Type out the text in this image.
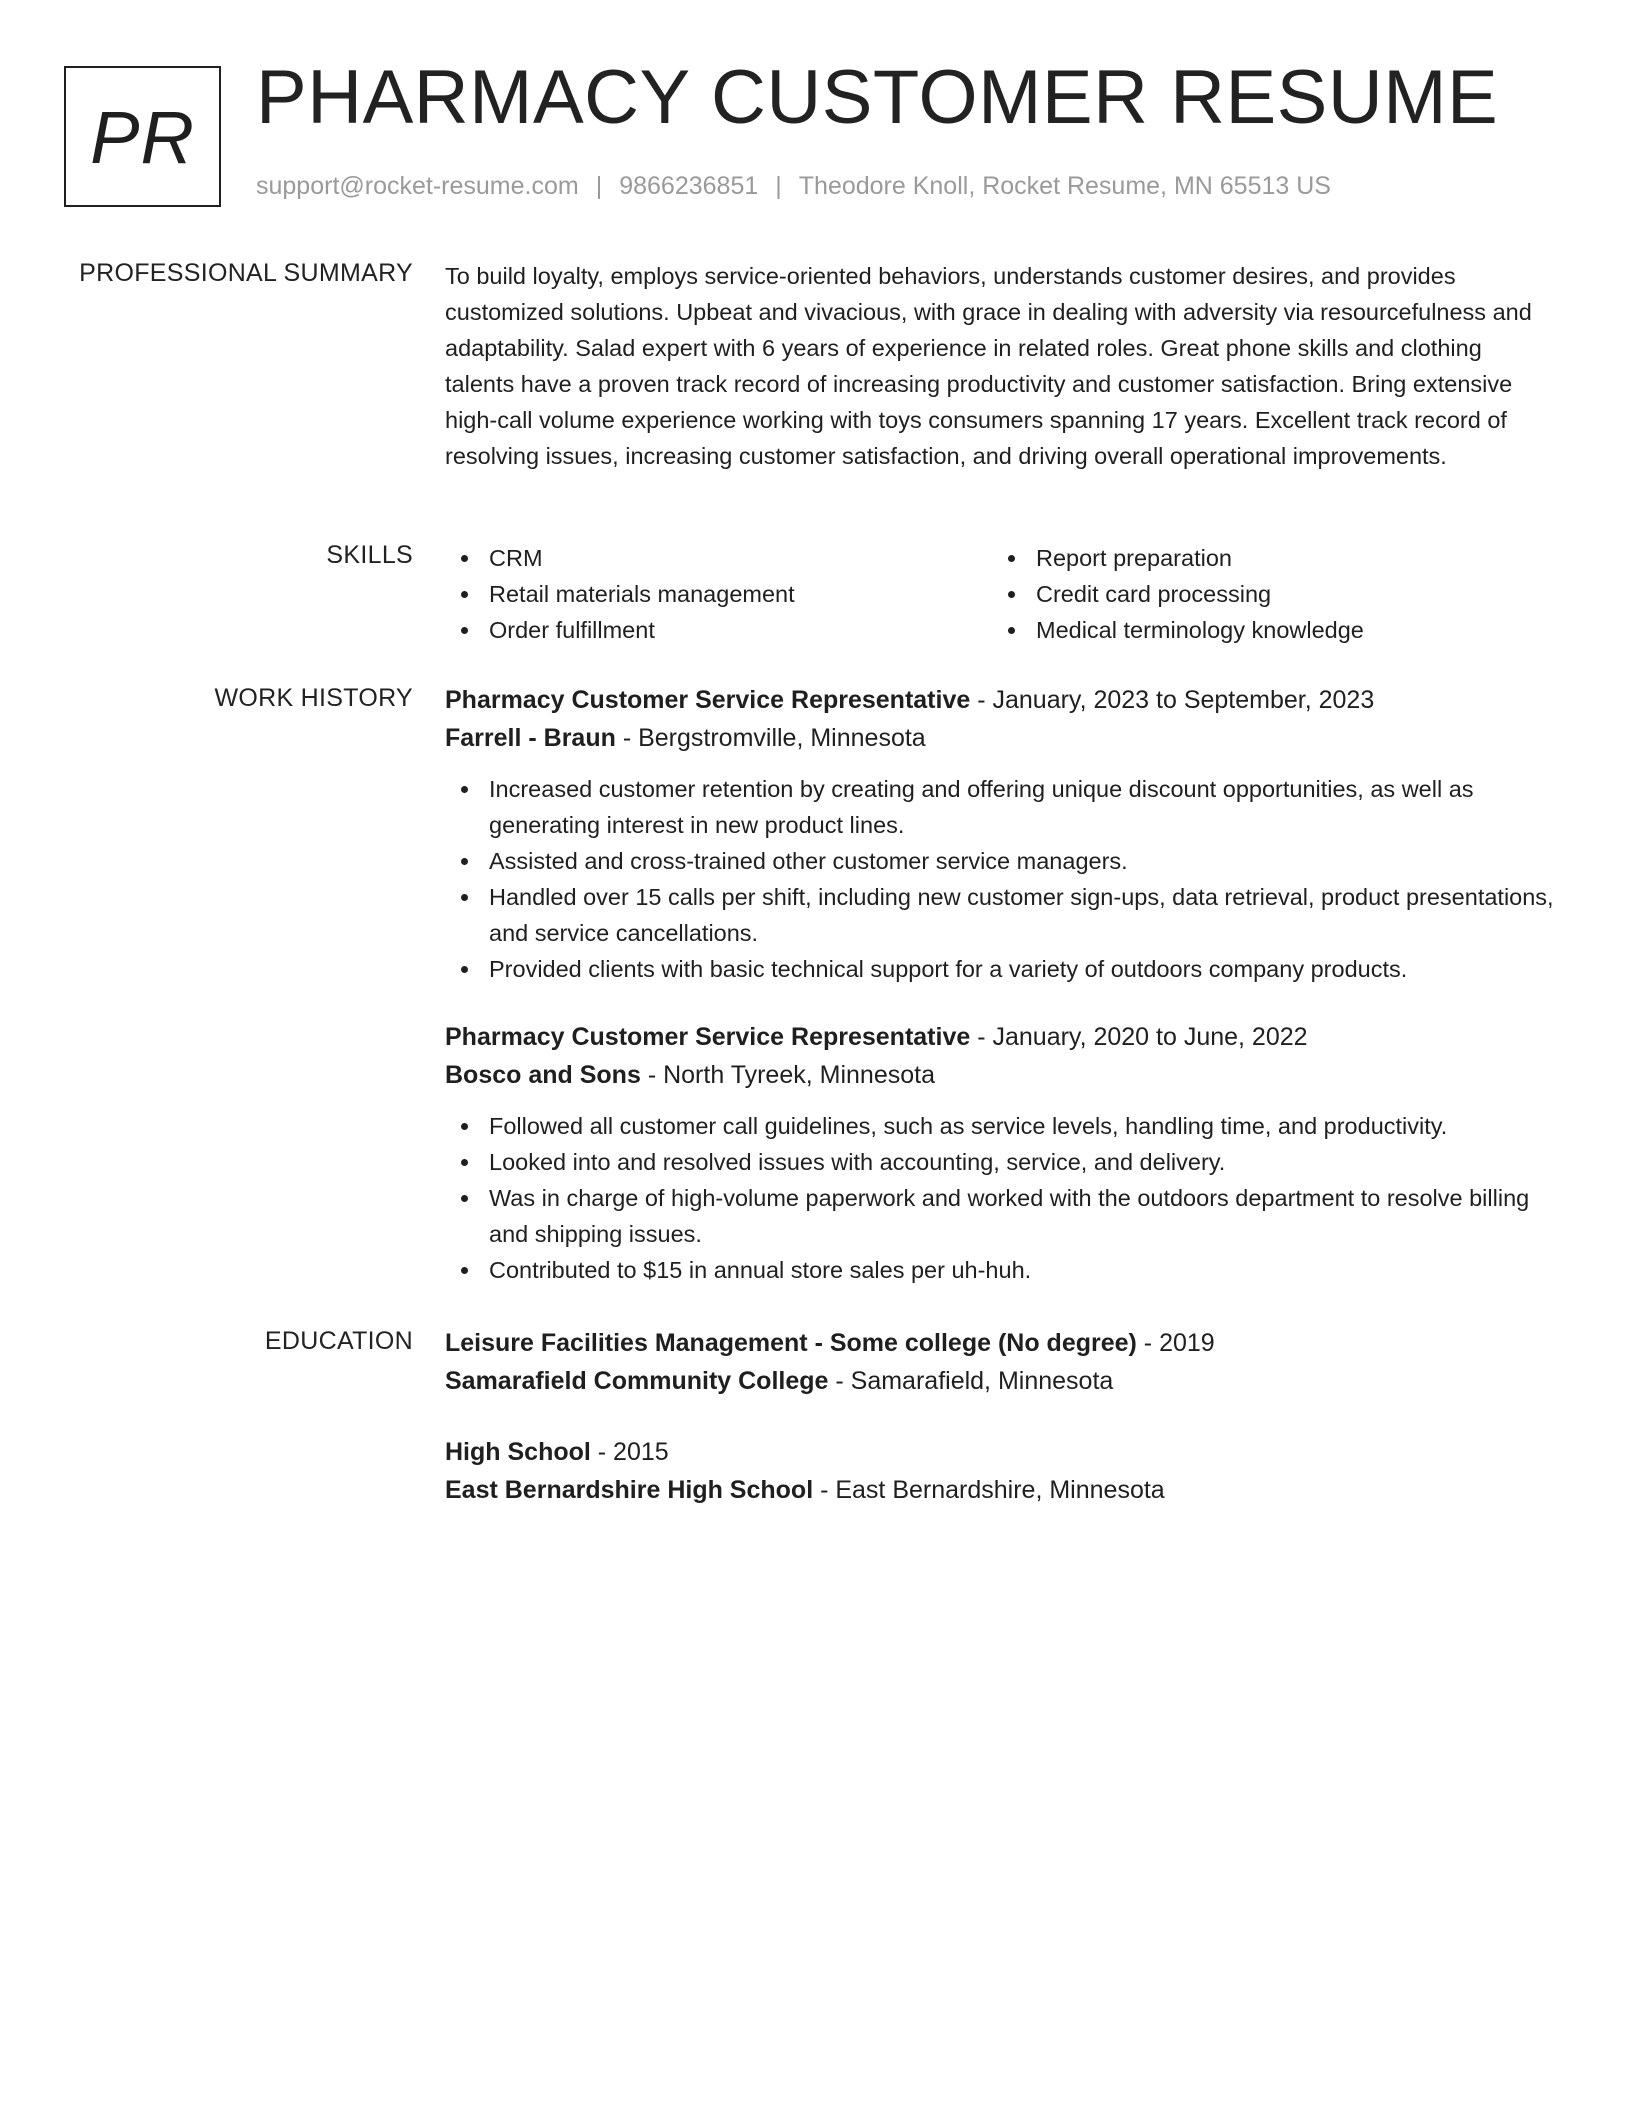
PR PHARMACY CUSTOMER RESUME
support@rocket-resume.com | 9866236851 | Theodore Knoll, Rocket Resume, MN 65513 US
PROFESSIONAL SUMMARY To build loyalty, employs service-oriented behaviors, understands customer desires, and provides customized solutions. Upbeat and vivacious, with grace in dealing with adversity via resourcefulness and adaptability. Salad expert with 6 years of experience in related roles. Great phone skills and clothing talents have a proven track record of increasing productivity and customer satisfaction. Bring extensive high-call volume experience working with toys consumers spanning 17 years. Excellent track record of resolving issues, increasing customer satisfaction, and driving overall operational improvements.

SKILLS	CRM
Retail materials management
Order fulfillment
Report preparation
Credit card processing
Medical terminology knowledge
WORK HISTORY Pharmacy Customer Service Representative - January, 2023 to September, 2023
Farrell - Braun - Bergstromville, Minnesota
Increased customer retention by creating and offering unique discount opportunities, as well as generating interest in new product lines.
Assisted and cross-trained other customer service managers.
Handled over 15 calls per shift, including new customer sign-ups, data retrieval, product presentations, and service cancellations.
Provided clients with basic technical support for a variety of outdoors company products.
Pharmacy Customer Service Representative - January, 2020 to June, 2022
Bosco and Sons - North Tyreek, Minnesota
Followed all customer call guidelines, such as service levels, handling time, and productivity.
Looked into and resolved issues with accounting, service, and delivery.
Was in charge of high-volume paperwork and worked with the outdoors department to resolve billing and shipping issues.
Contributed to $15 in annual store sales per uh-huh.
EDUCATION Leisure Facilities Management - Some college (No degree) - 2019
Samarafield Community College - Samarafield, Minnesota
High School - 2015
East Bernardshire High School - East Bernardshire, Minnesota
